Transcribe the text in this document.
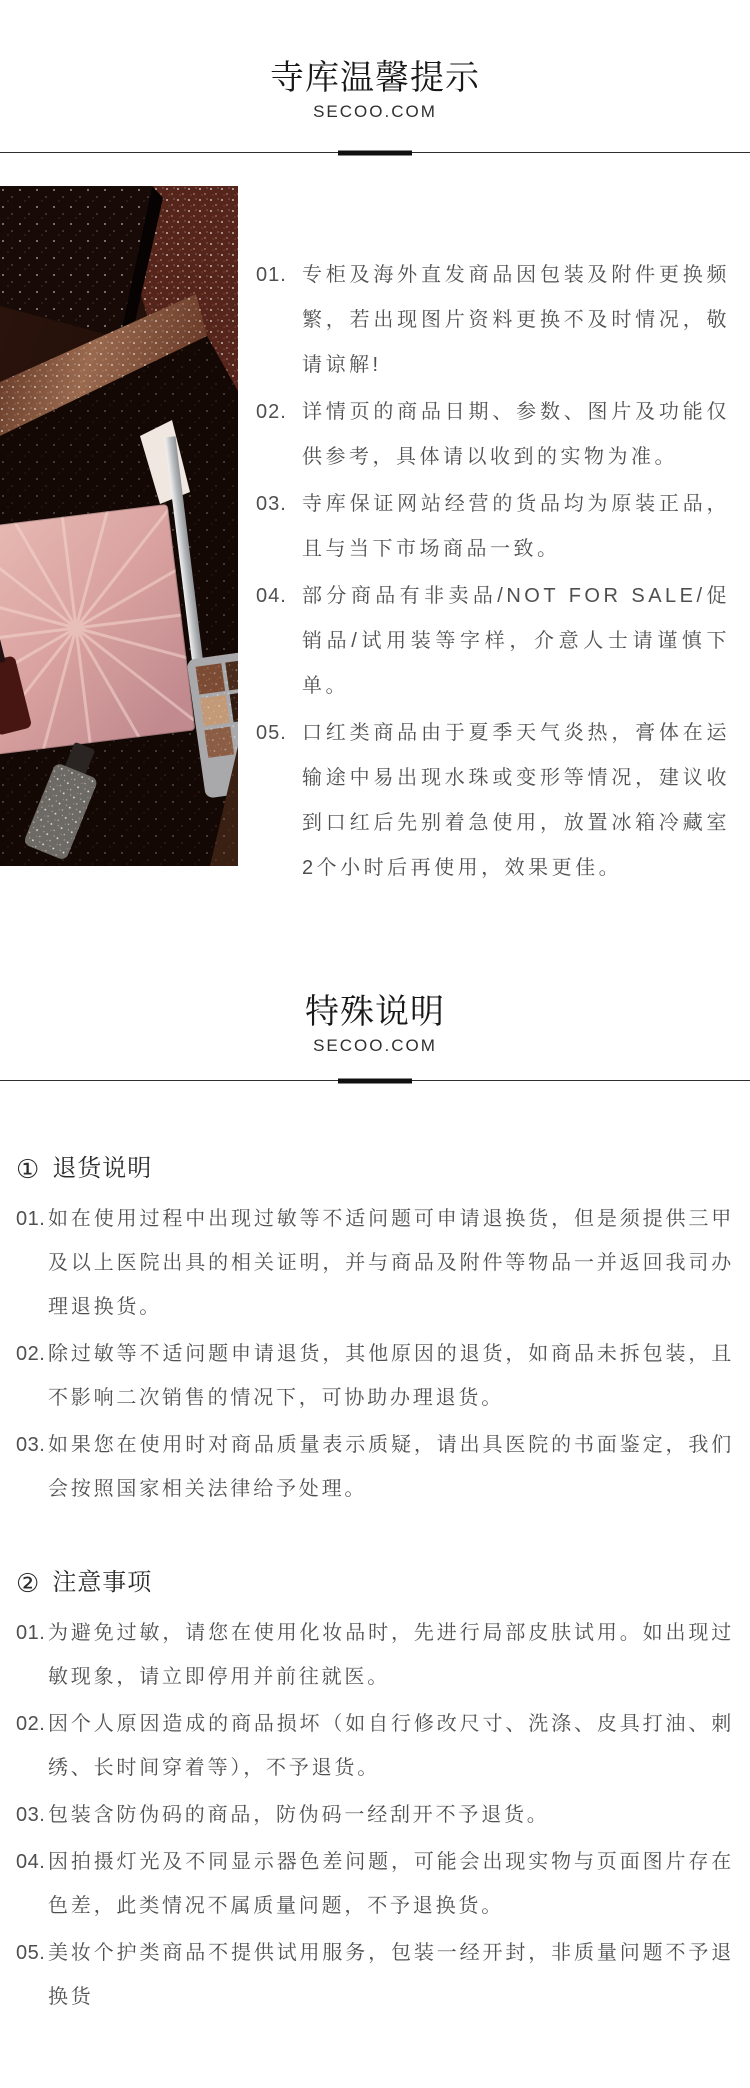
寺库温馨提示
SECOO.COM
01. 专柜及海外直发商品因包装及附件更换频繁，若出现图片资料更换不及时情况，敬请谅解!
02. 详情页的商品日期、参数、图片及功能仅供参考，具体请以收到的实物为准。
03. 寺库保证网站经营的货品均为原装正品，且与当下市场商品一致。
04. 部分商品有非卖品/NOT FOR SALE/促销品/试用装等字样，介意人士请谨慎下单。
05. 口红类商品由于夏季天气炎热，膏体在运输途中易出现水珠或变形等情况，建议收到口红后先别着急使用，放置冰箱冷藏室2个小时后再使用，效果更佳。
特殊说明
SECOO.COM
① 退货说明
01. 如在使用过程中出现过敏等不适问题可申请退换货，但是须提供三甲及以上医院出具的相关证明，并与商品及附件等物品一并返回我司办理退换货。
02. 除过敏等不适问题申请退货，其他原因的退货，如商品未拆包装，且不影响二次销售的情况下，可协助办理退货。
03. 如果您在使用时对商品质量表示质疑，请出具医院的书面鉴定，我们会按照国家相关法律给予处理。
② 注意事项
01. 为避免过敏，请您在使用化妆品时，先进行局部皮肤试用。如出现过敏现象，请立即停用并前往就医。
02. 因个人原因造成的商品损坏（如自行修改尺寸、洗涤、皮具打油、刺绣、长时间穿着等），不予退货。
03. 包装含防伪码的商品，防伪码一经刮开不予退货。
04. 因拍摄灯光及不同显示器色差问题，可能会出现实物与页面图片存在色差，此类情况不属质量问题，不予退换货。
05. 美妆个护类商品不提供试用服务，包装一经开封，非质量问题不予退换货
